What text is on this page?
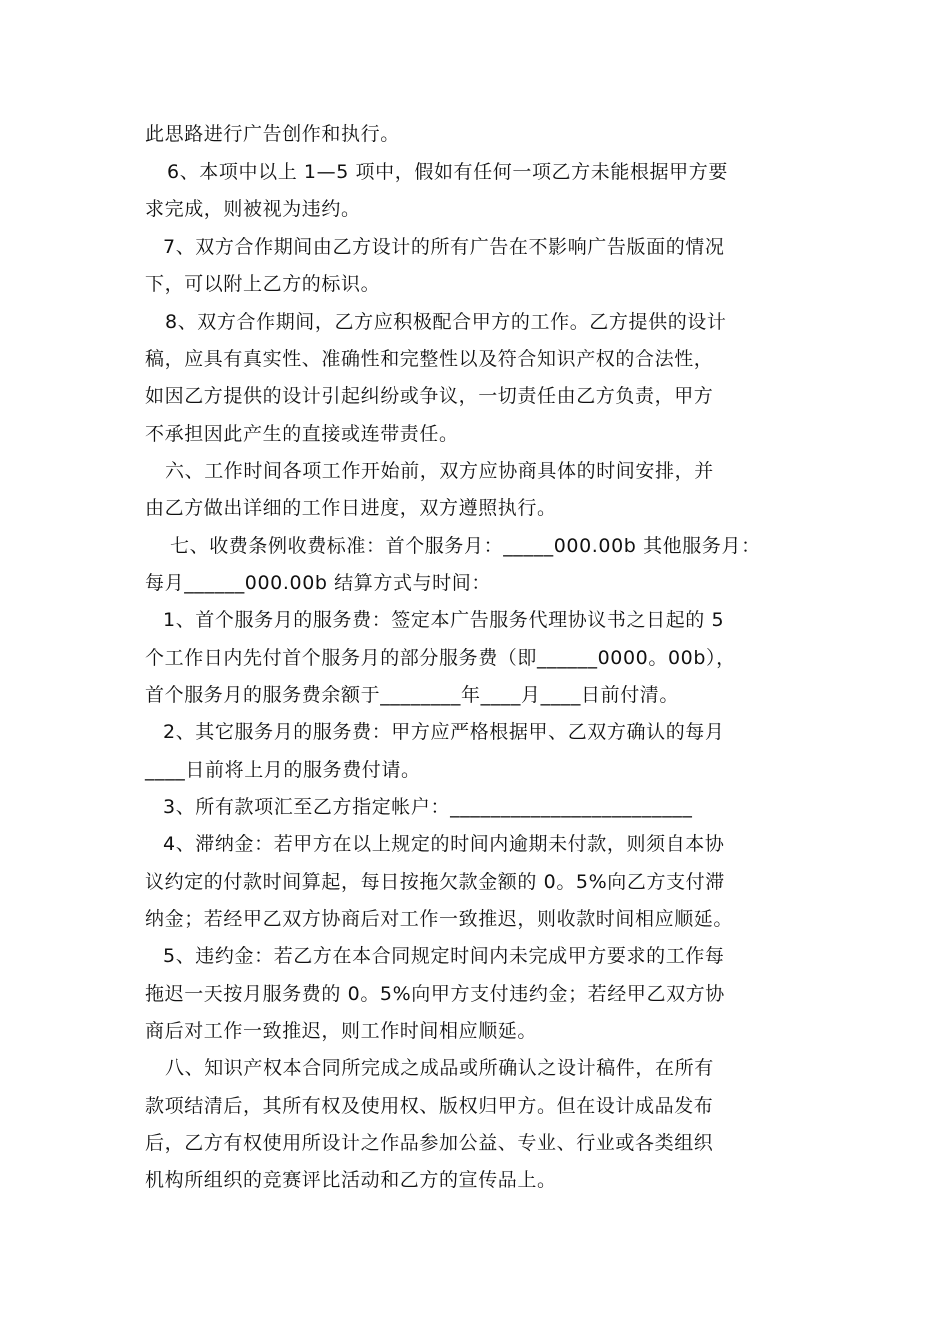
此思路进行广告创作和执行。
6、本项中以上 1—5 项中，假如有任何一项乙方未能根据甲方要
求完成，则被视为违约。
7、双方合作期间由乙方设计的所有广告在不影响广告版面的情况
下，可以附上乙方的标识。
8、双方合作期间，乙方应积极配合甲方的工作。乙方提供的设计
稿，应具有真实性、准确性和完整性以及符合知识产权的合法性，
如因乙方提供的设计引起纠纷或争议，一切责任由乙方负责，甲方
不承担因此产生的直接或连带责任。
六、工作时间各项工作开始前，双方应协商具体的时间安排，并
由乙方做出详细的工作日进度，双方遵照执行。
七、收费条例收费标准：首个服务月：_____000.00b 其他服务月：
每月______000.00b 结算方式与时间：
1、首个服务月的服务费：签定本广告服务代理协议书之日起的 5
个工作日内先付首个服务月的部分服务费（即______0000。00b），
首个服务月的服务费余额于________年____月____日前付清。
2、其它服务月的服务费：甲方应严格根据甲、乙双方确认的每月
____日前将上月的服务费付请。
3、所有款项汇至乙方指定帐户：________________________
4、滞纳金：若甲方在以上规定的时间内逾期未付款，则须自本协
议约定的付款时间算起，每日按拖欠款金额的 0。5%向乙方支付滞
纳金；若经甲乙双方协商后对工作一致推迟，则收款时间相应顺延。
5、违约金：若乙方在本合同规定时间内未完成甲方要求的工作每
拖迟一天按月服务费的 0。5%向甲方支付违约金；若经甲乙双方协
商后对工作一致推迟，则工作时间相应顺延。
八、知识产权本合同所完成之成品或所确认之设计稿件，在所有
款项结清后，其所有权及使用权、版权归甲方。但在设计成品发布
后，乙方有权使用所设计之作品参加公益、专业、行业或各类组织
机构所组织的竞赛评比活动和乙方的宣传品上。
